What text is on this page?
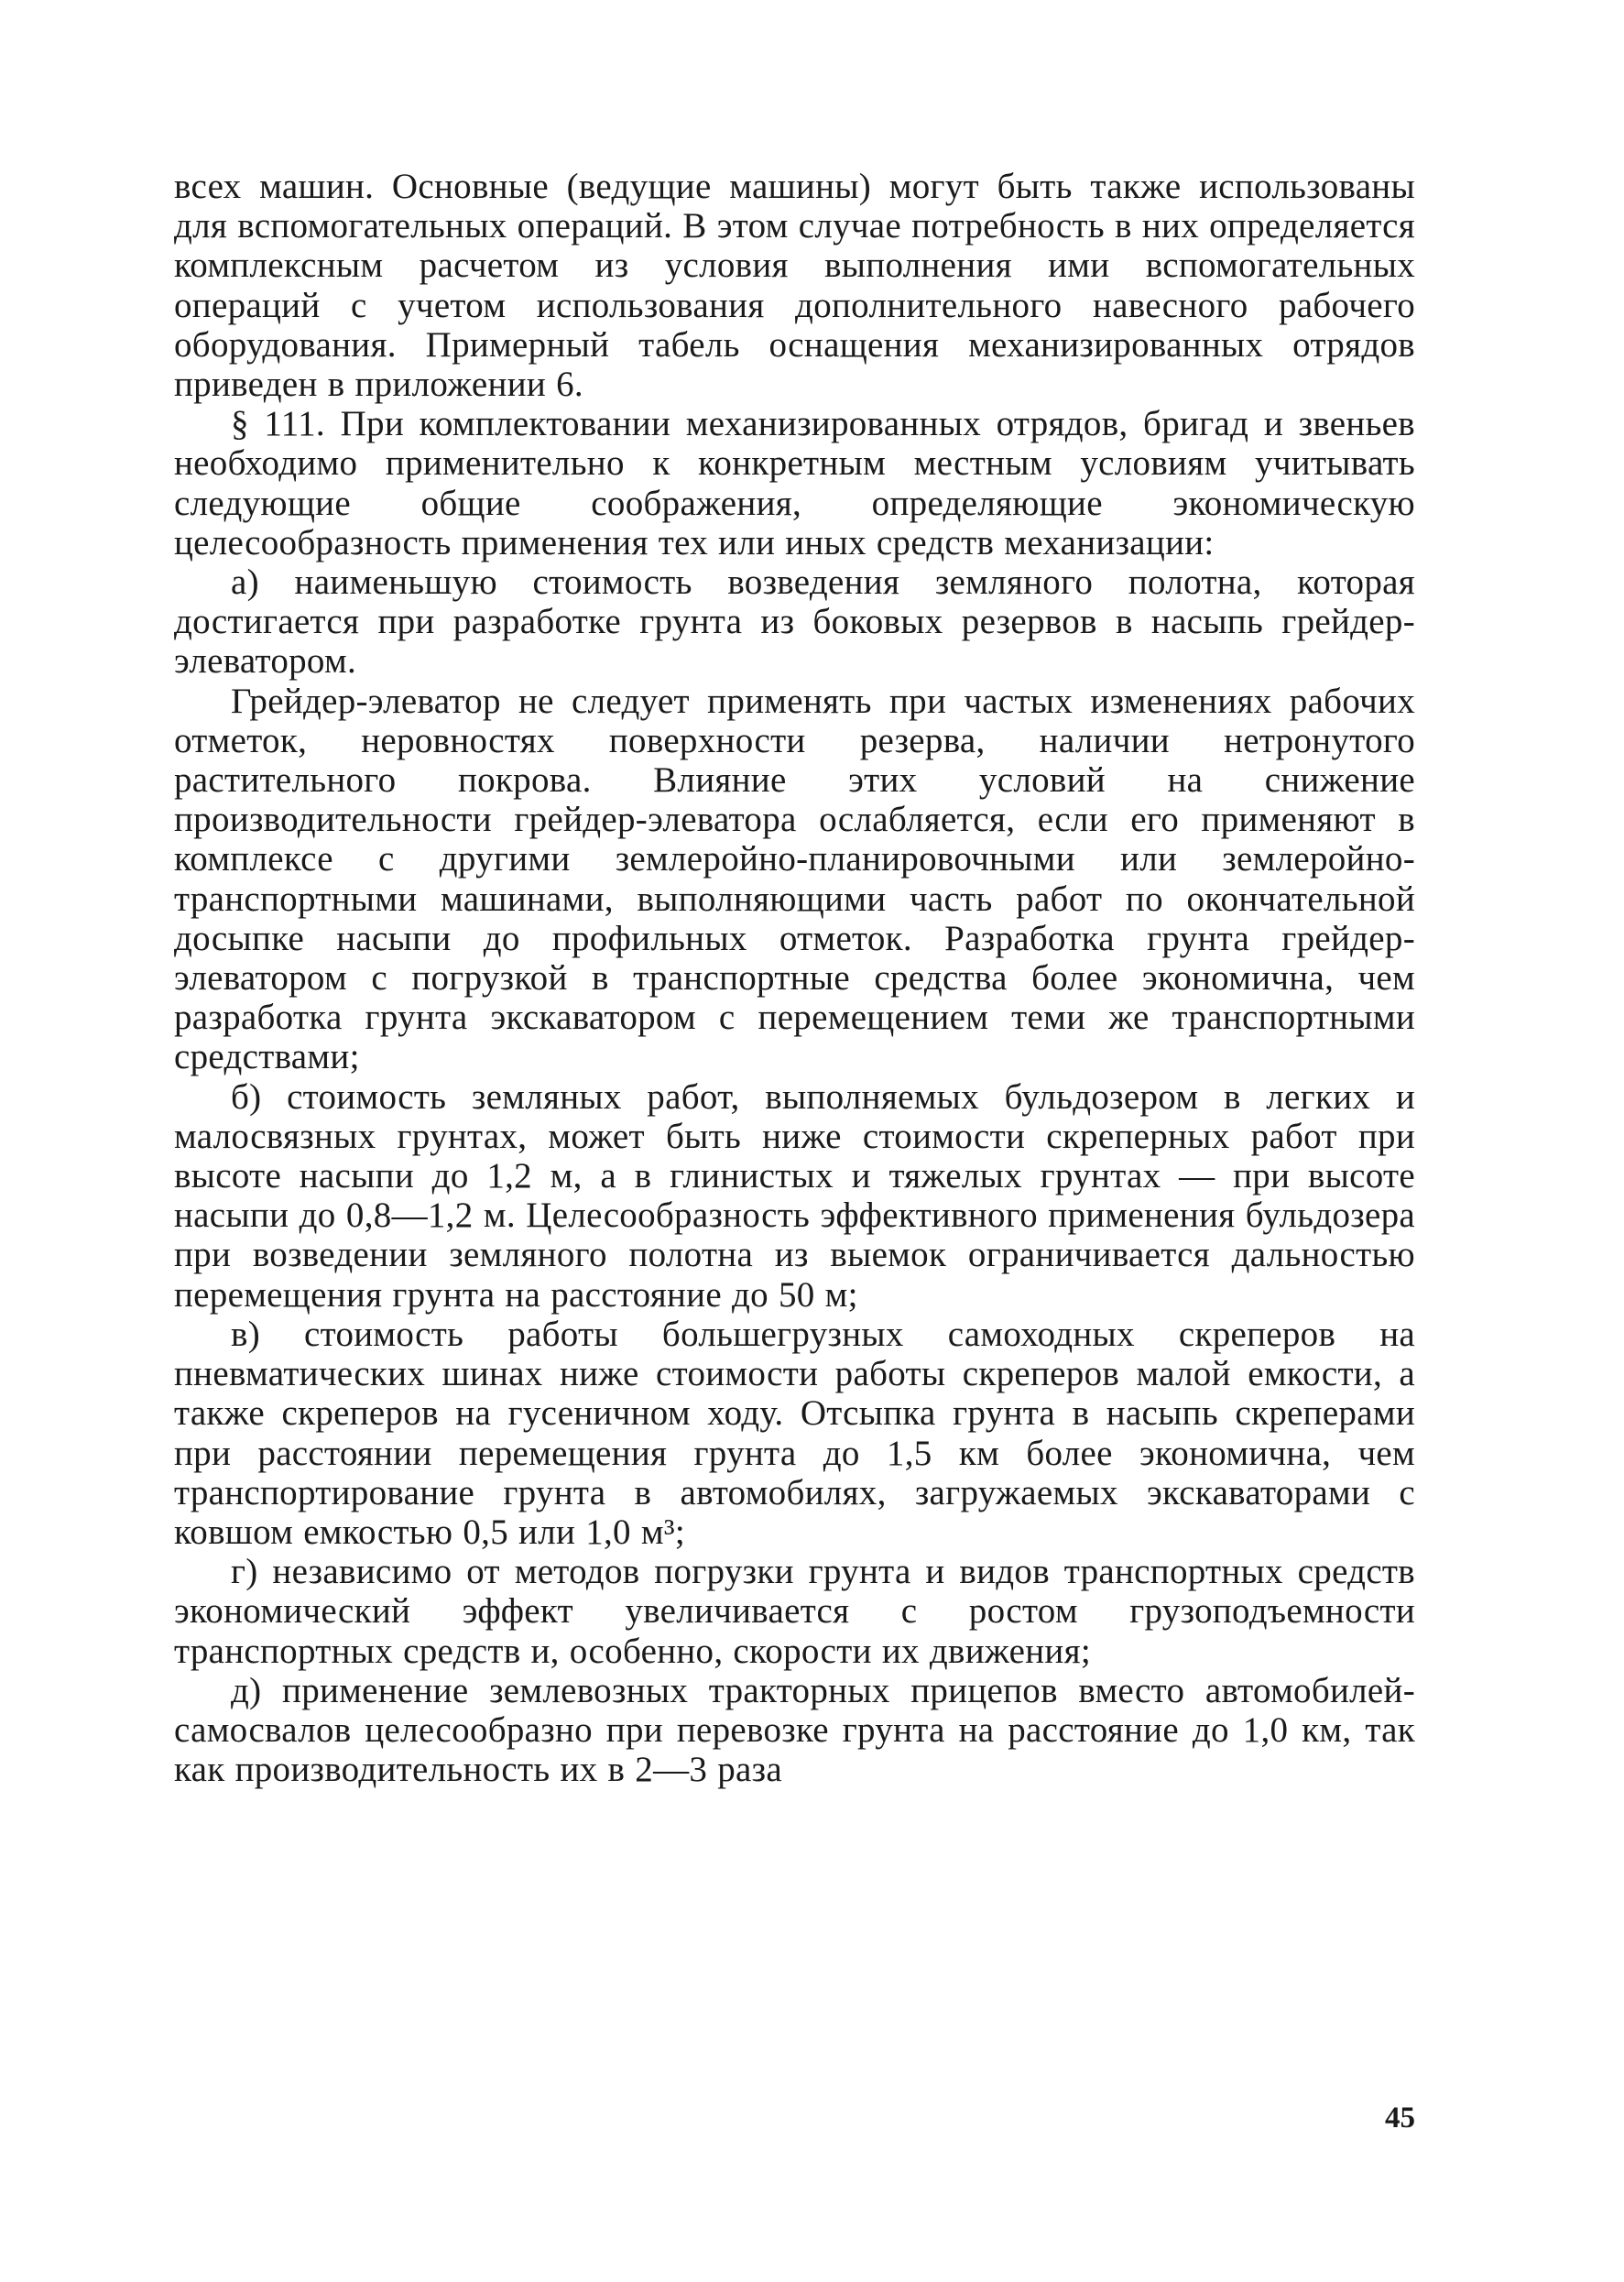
всех машин. Основные (ведущие машины) могут быть также использованы для вспомогательных операций. В этом случае потребность в них определяется комплексным расчетом из условия выполнения ими вспомогательных операций с учетом использования дополнительного навесного рабочего оборудования. Примерный табель оснащения механизированных отрядов приведен в приложении 6.

§ 111. При комплектовании механизированных отрядов, бригад и звеньев необходимо применительно к конкретным местным условиям учитывать следующие общие соображения, определяющие экономическую целесообразность применения тех или иных средств механизации:

а) наименьшую стоимость возведения земляного полотна, которая достигается при разработке грунта из боковых резервов в насыпь грейдер-элеватором.

Грейдер-элеватор не следует применять при частых изменениях рабочих отметок, неровностях поверхности резерва, наличии нетронутого растительного покрова. Влияние этих условий на снижение производительности грейдер-элеватора ослабляется, если его применяют в комплексе с другими землеройно-планировочными или землеройно-транспортными машинами, выполняющими часть работ по окончательной досыпке насыпи до профильных отметок. Разработка грунта грейдер-элеватором с погрузкой в транспортные средства более экономична, чем разработка грунта экскаватором с перемещением теми же транспортными средствами;

б) стоимость земляных работ, выполняемых бульдозером в легких и малосвязных грунтах, может быть ниже стоимости скреперных работ при высоте насыпи до 1,2 м, а в глинистых и тяжелых грунтах — при высоте насыпи до 0,8—1,2 м. Целесообразность эффективного применения бульдозера при возведении земляного полотна из выемок ограничивается дальностью перемещения грунта на расстояние до 50 м;

в) стоимость работы большегрузных самоходных скреперов на пневматических шинах ниже стоимости работы скреперов малой емкости, а также скреперов на гусеничном ходу. Отсыпка грунта в насыпь скреперами при расстоянии перемещения грунта до 1,5 км более экономична, чем транспортирование грунта в автомобилях, загружаемых экскаваторами с ковшом емкостью 0,5 или 1,0 м³;

г) независимо от методов погрузки грунта и видов транспортных средств экономический эффект увеличивается с ростом грузоподъемности транспортных средств и, особенно, скорости их движения;

д) применение землевозных тракторных прицепов вместо автомобилей-самосвалов целесообразно при перевозке грунта на расстояние до 1,0 км, так как производительность их в 2—3 раза

45
